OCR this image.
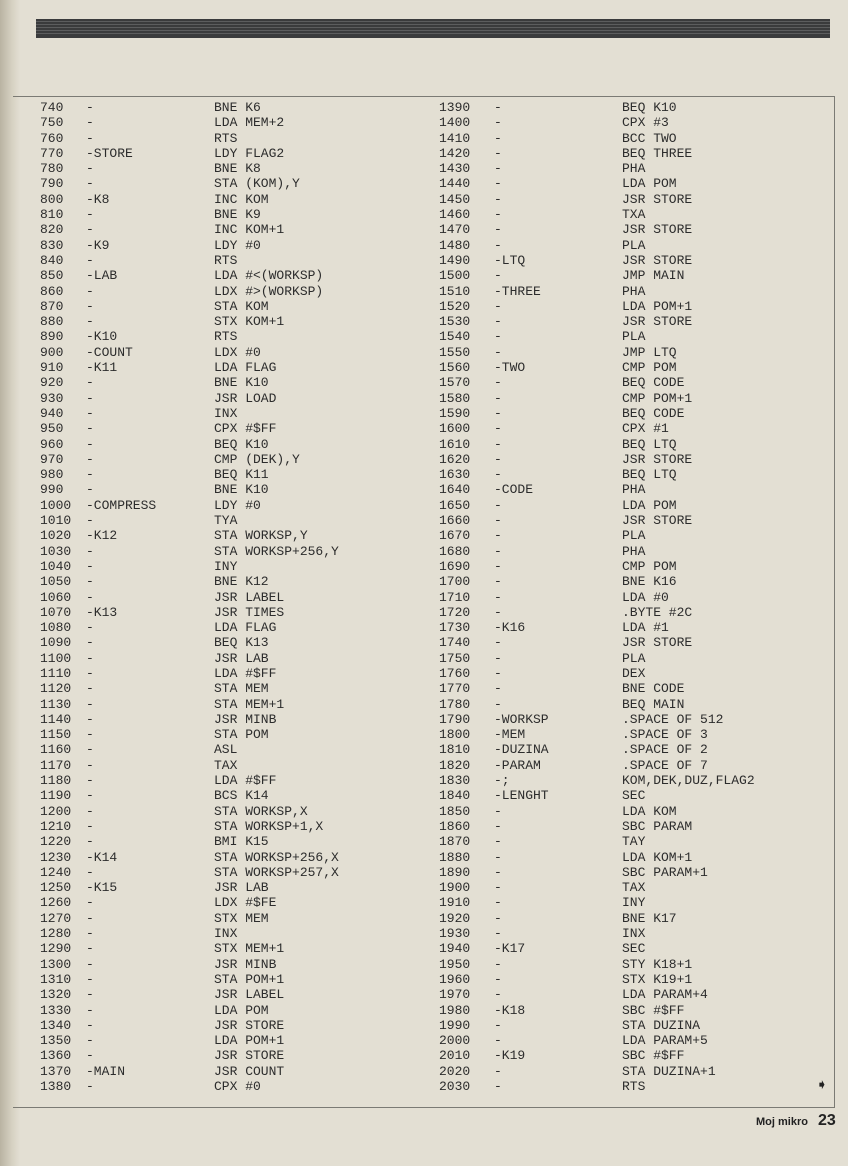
740 -	BNE K6
750 -	LDA MEM+2
760 -	RTS
770 -STORE	LDY FLAG2
780 -	BNE K8
790 -	STA (KOM),Y
800 -K8	INC KOM
810 -	BNE K9
820 -	INC KOM+1
830 -K9	LDY #0
840 -	RTS
850 -LAB	LDA #<(WORKSP)
860 -	LDX #>(WORKSP)
870 -	STA KOM
880 -	STX KOM+1
890 -K10	RTS
900 -COUNT	LDX #0
910 -K11	LDA FLAG
920 -	BNE K10
930 -	JSR LOAD
940 -	INX
950 -	CPX #$FF
960 -	BEQ K10
970 -	CMP (DEK),Y
980 -	BEQ K11
990 -	BNE K10
1000 -COMPRESS	LDY #0
1010 -	TYA
1020 -K12	STA WORKSP,Y
1030 -	STA WORKSP+256,Y
1040 -	INY
1050 -	BNE K12
1060 -	JSR LABEL
1070 -K13	JSR TIMES
1080 -	LDA FLAG
1090 -	BEQ K13
1100 -	JSR LAB
1110 -	LDA #$FF
1120 -	STA MEM
1130 -	STA MEM+1
1140 -	JSR MINB
1150 -	STA POM
1160 -	ASL
1170 -	TAX
1180 -	LDA #$FF
1190 -	BCS K14
1200 -	STA WORKSP,X
1210 -	STA WORKSP+1,X
1220 -	BMI K15
1230 -K14	STA WORKSP+256,X
1240 -	STA WORKSP+257,X
1250 -K15	JSR LAB
1260 -	LDX #$FE
1270 -	STX MEM
1280 -	INX
1290 -	STX MEM+1
1300 -	JSR MINB
1310 -	STA POM+1
1320 -	JSR LABEL
1330 -	LDA POM
1340 -	JSR STORE
1350 -	LDA POM+1
1360 -	JSR STORE
1370 -MAIN	JSR COUNT
1380 -	CPX #0
1390 -	BEQ K10
1400 -	CPX #3
1410 -	BCC TWO
1420 -	BEQ THREE
1430 -	PHA
1440 -	LDA POM
1450 -	JSR STORE
1460 -	TXA
1470 -	JSR STORE
1480 -	PLA
1490 -LTQ	JSR STORE
1500 -	JMP MAIN
1510 -THREE	PHA
1520 -	LDA POM+1
1530 -	JSR STORE
1540 -	PLA
1550 -	JMP LTQ
1560 -TWO	CMP POM
1570 -	BEQ CODE
1580 -	CMP POM+1
1590 -	BEQ CODE
1600 -	CPX #1
1610 -	BEQ LTQ
1620 -	JSR STORE
1630 -	BEQ LTQ
1640 -CODE	PHA
1650 -	LDA POM
1660 -	JSR STORE
1670 -	PLA
1680 -	PHA
1690 -	CMP POM
1700 -	BNE K16
1710 -	LDA #0
1720 -	.BYTE #2C
1730 -K16	LDA #1
1740 -	JSR STORE
1750 -	PLA
1760 -	DEX
1770 -	BNE CODE
1780 -	BEQ MAIN
1790 -WORKSP	.SPACE OF 512
1800 -MEM	.SPACE OF 3
1810 -DUZINA	.SPACE OF 2
1820 -PARAM	.SPACE OF 7
1830 -;	KOM,DEK,DUZ,FLAG2
1840 -LENGHT	SEC
1850 -	LDA KOM
1860 -	SBC PARAM
1870 -	TAY
1880 -	LDA KOM+1
1890 -	SBC PARAM+1
1900 -	TAX
1910 -	INY
1920 -	BNE K17
1930 -	INX
1940 -K17	SEC
1950 -	STY K18+1
1960 -	STX K19+1
1970 -	LDA PARAM+4
1980 -K18	SBC #$FF
1990 -	STA DUZINA
2000 -	LDA PARAM+5
2010 -K19	SBC #$FF
2020 -	STA DUZINA+1
2030 -	RTS	➧
Moj mikro 23
